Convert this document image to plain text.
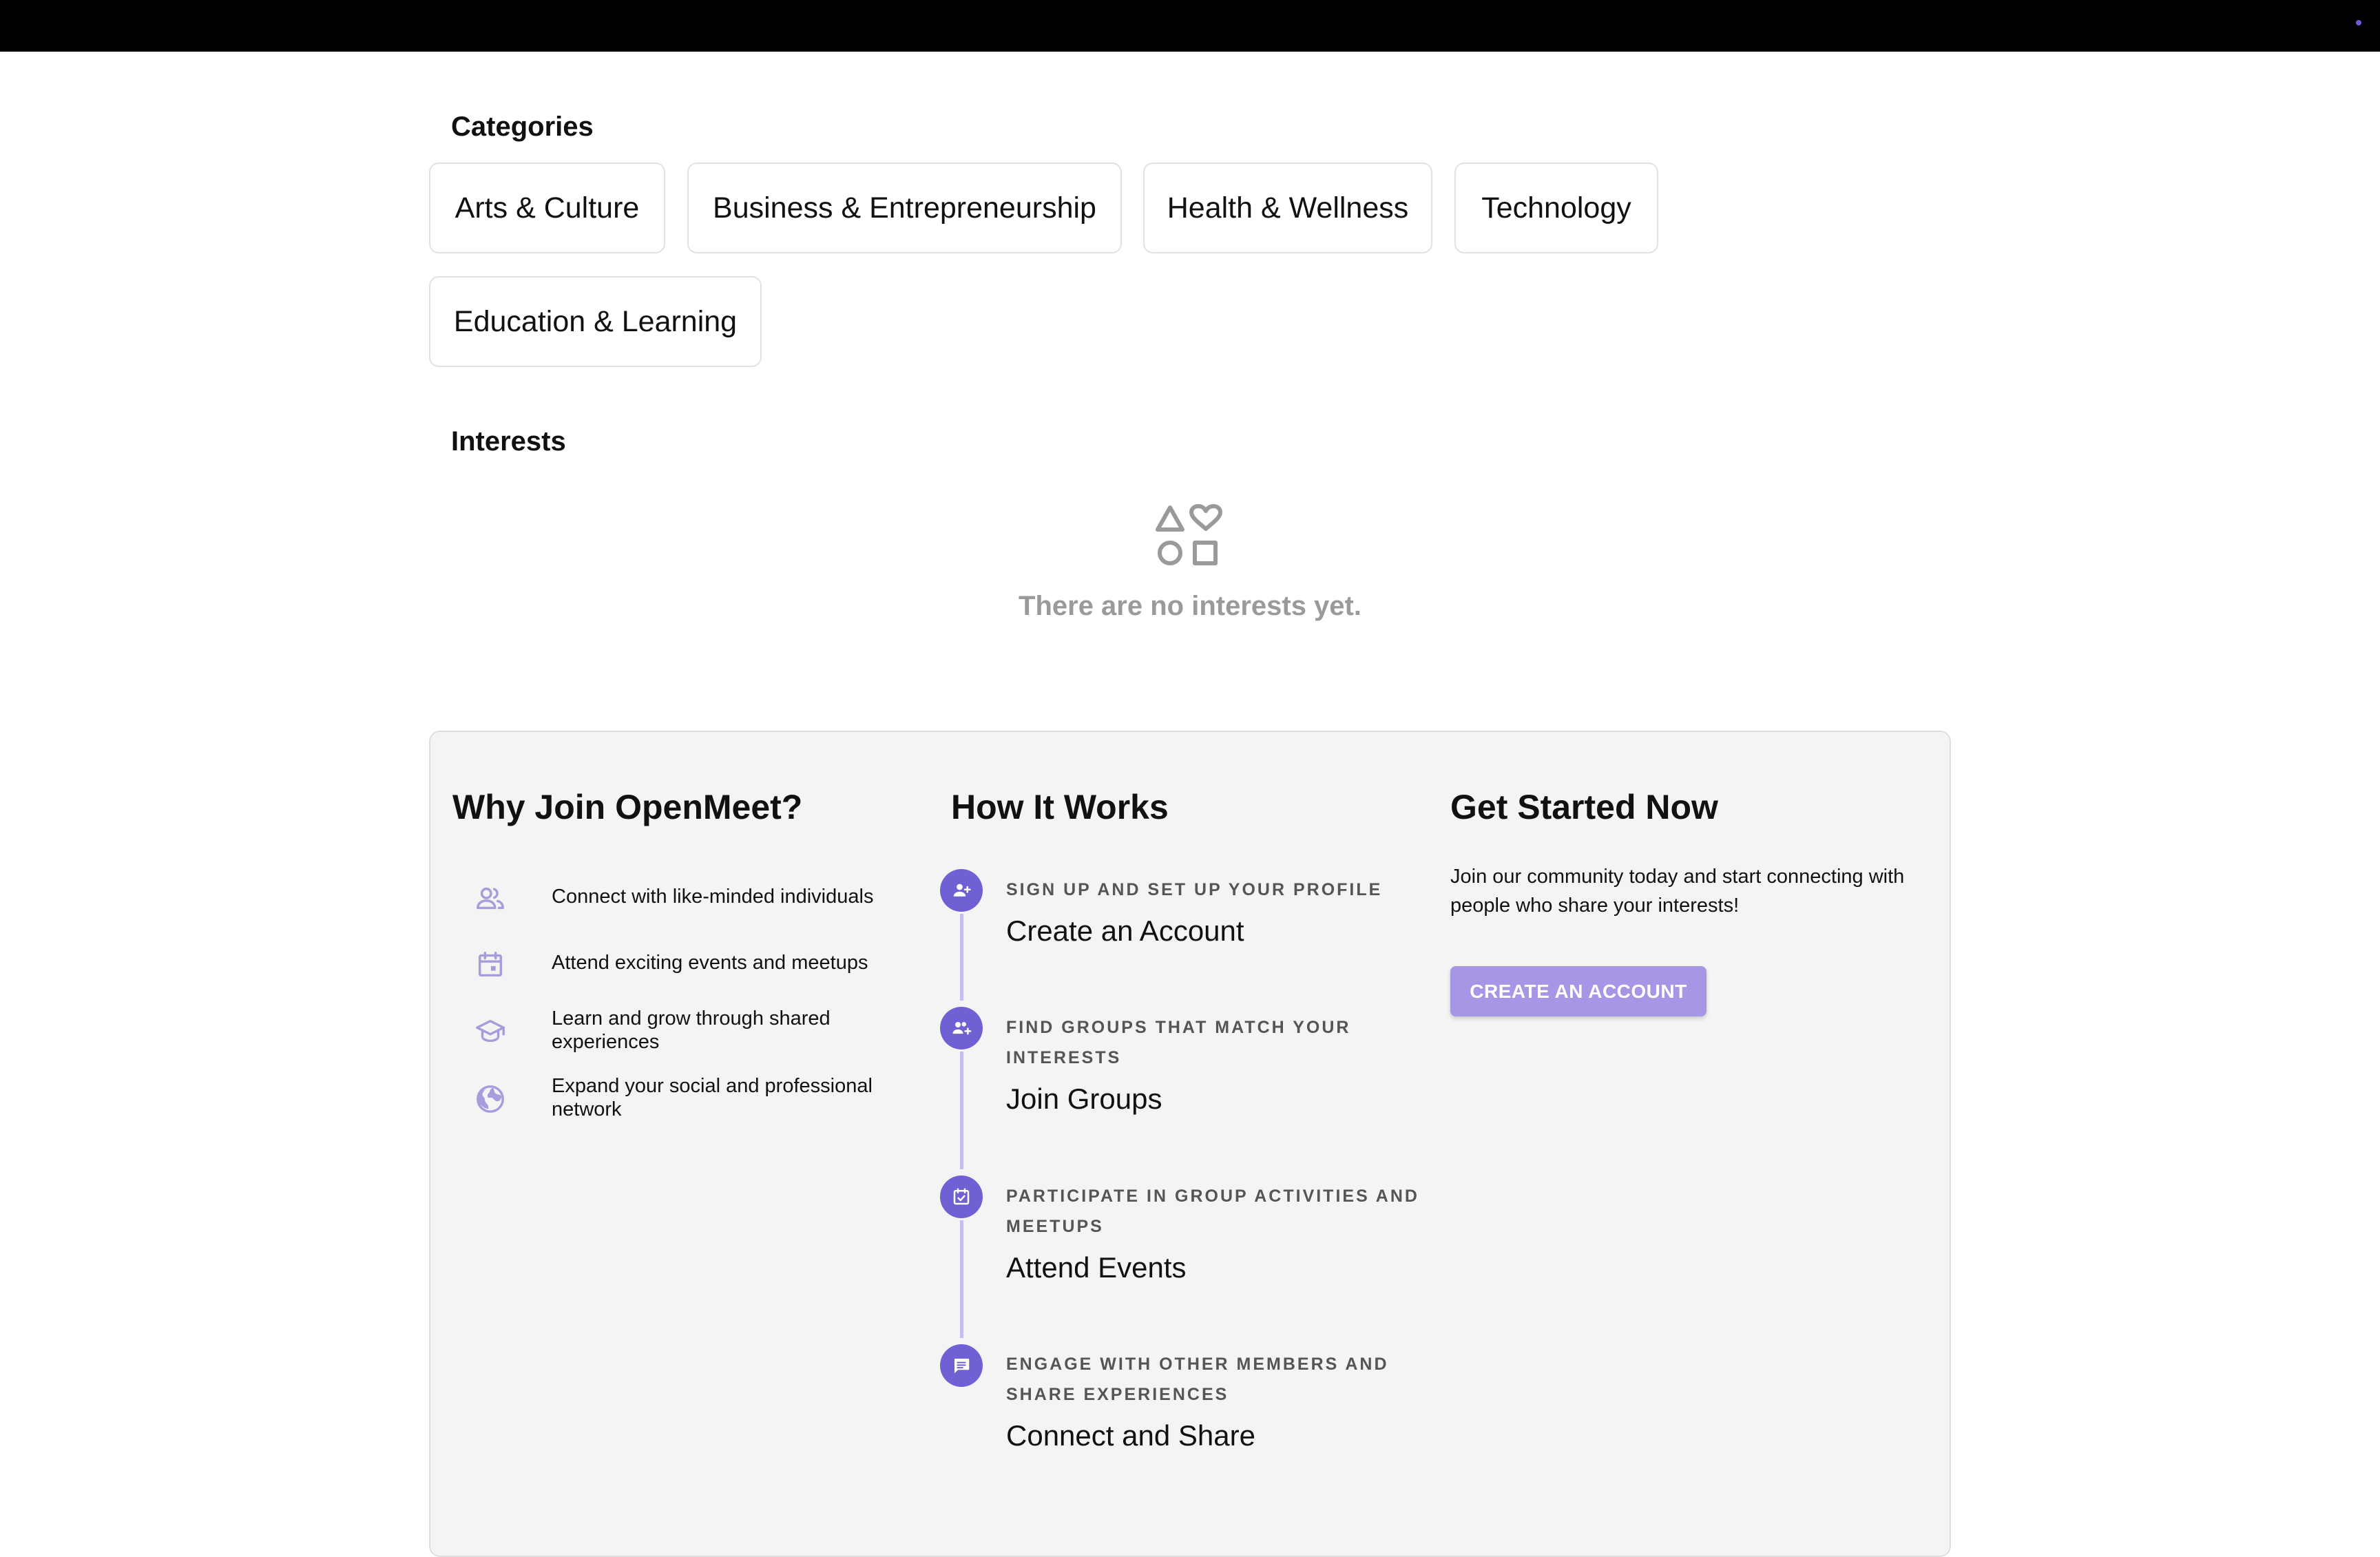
Categories
Arts & Culture Business & Entrepreneurship Health & Wellness Technology
Education & Learning
Interests
There are no interests yet.
Why Join OpenMeet?
Connect with like-minded individuals
Attend exciting events and meetups
Learn and grow through shared experiences
Expand your social and professional network
How It Works
SIGN UP AND SET UP YOUR PROFILE
Create an Account
FIND GROUPS THAT MATCH YOUR INTERESTS
Join Groups
PARTICIPATE IN GROUP ACTIVITIES AND MEETUPS
Attend Events
ENGAGE WITH OTHER MEMBERS AND SHARE EXPERIENCES
Connect and Share
Get Started Now
Join our community today and start connecting with people who share your interests!
CREATE AN ACCOUNT
